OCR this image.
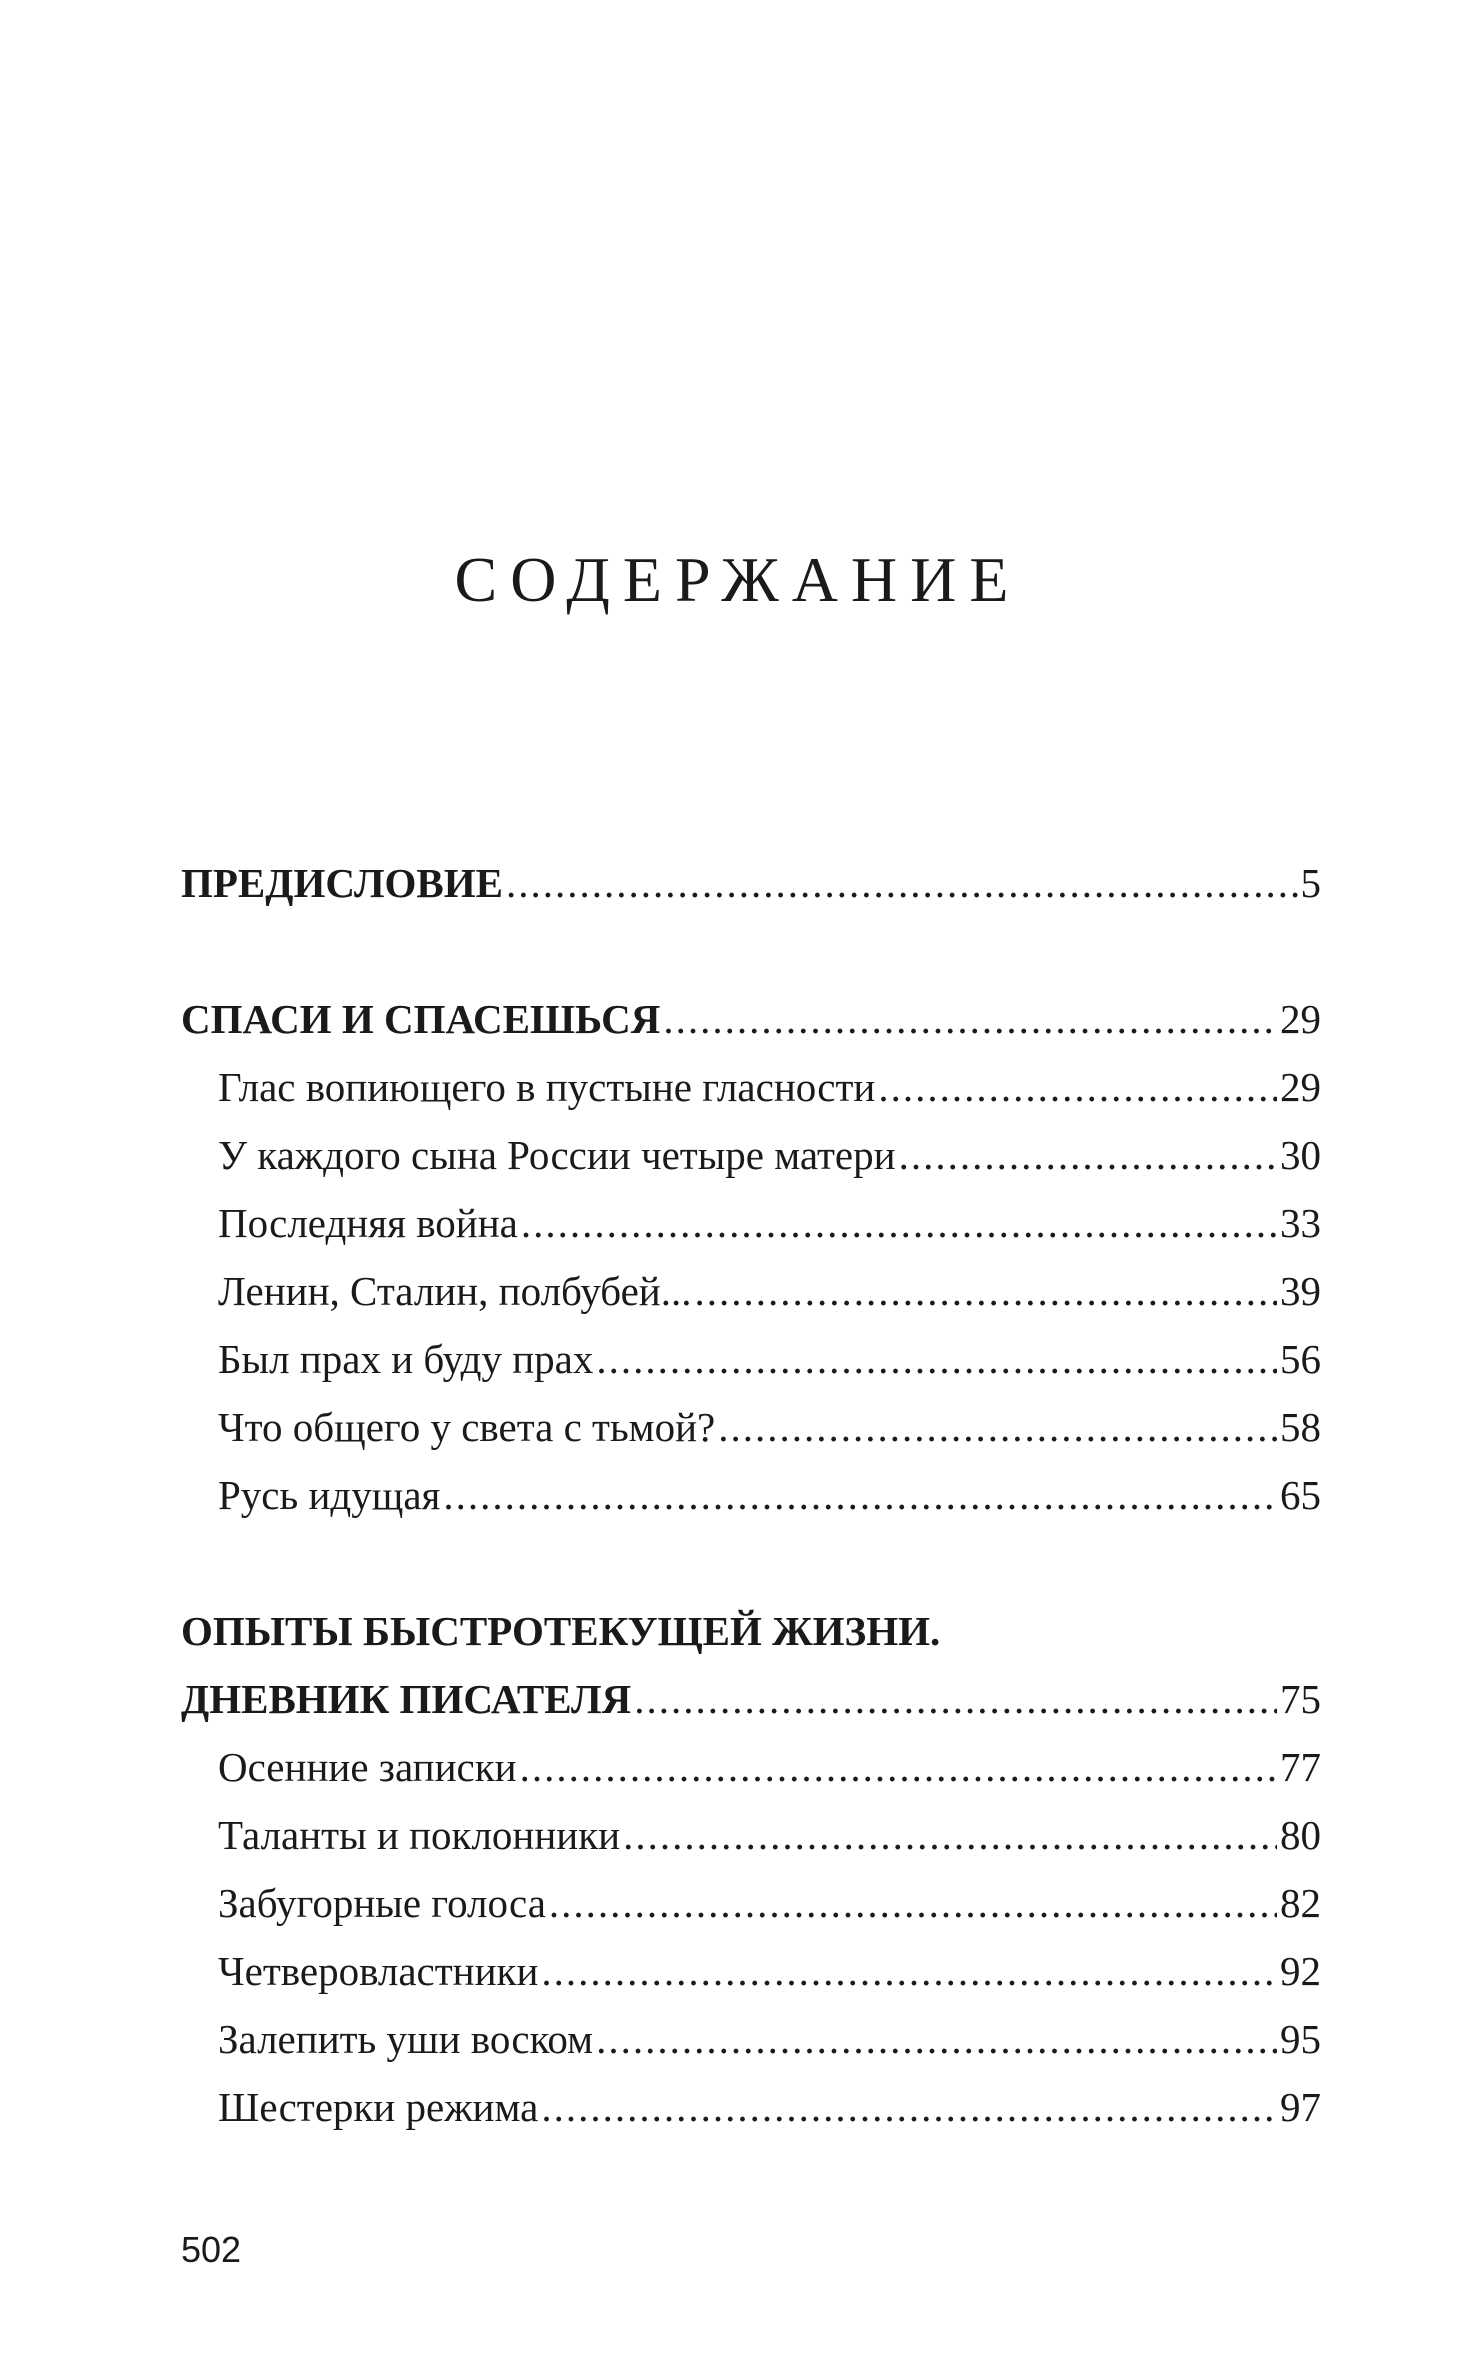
СОДЕРЖАНИЕ
ПРЕДИСЛОВИЕ .....	5
СПАСИ И СПАСЕШЬСЯ .....	29
Глас вопиющего в пустыне гласности .....	29
У каждого сына России четыре матери .....	30
Последняя война .....	33
Ленин, Сталин, полбубей... .....	39
Был прах и буду прах .....	56
Что общего у света с тьмой? .....	58
Русь идущая .....	65
ОПЫТЫ БЫСТРОТЕКУЩЕЙ ЖИЗНИ.
ДНЕВНИК ПИСАТЕЛЯ .....	75
Осенние записки .....	77
Таланты и поклонники .....	80
Забугорные голоса .....	82
Четверовластники .....	92
Залепить уши воском .....	95
Шестерки режима .....	97
502
